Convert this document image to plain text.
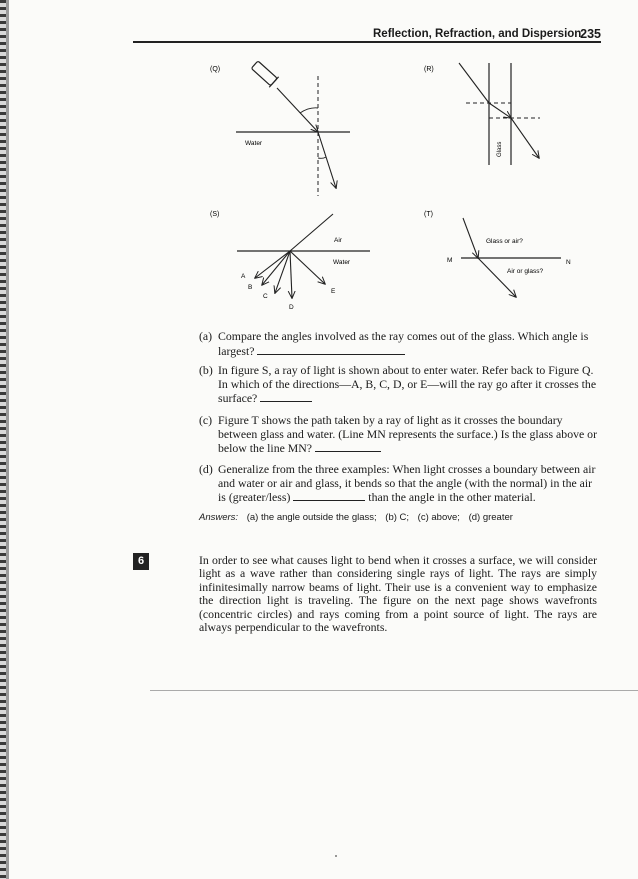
Reflection, Refraction, and Dispersion
235
(Q)
Water
(R)
Glass
(S)
Air
Water
A
B
C
D
E
(T)
Glass or air?
Air or glass?
M	N
(a) Compare the angles involved as the ray comes out of the glass. Which angle is largest?
(b) In figure S, a ray of light is shown about to enter water. Refer back to Figure Q. In which of the directions—A, B, C, D, or E—will the ray go after it crosses the surface?
(c) Figure T shows the path taken by a ray of light as it crosses the boundary between glass and water. (Line MN represents the surface.) Is the glass above or below the line MN?
(d) Generalize from the three examples: When light crosses a boundary between air and water or air and glass, it bends so that the angle (with the normal) in the air is (greater/less)	than the angle in the other material.
Answers: (a) the angle outside the glass; (b) C; (c) above; (d) greater
6	In order to see what causes light to bend when it crosses a surface, we will consider light as a wave rather than considering single rays of light. The rays are simply infinitesimally narrow beams of light. Their use is a convenient way to emphasize the direction light is traveling. The figure on the next page shows wavefronts (concentric circles) and rays coming from a point source of light. The rays are always perpendicular to the wavefronts.
